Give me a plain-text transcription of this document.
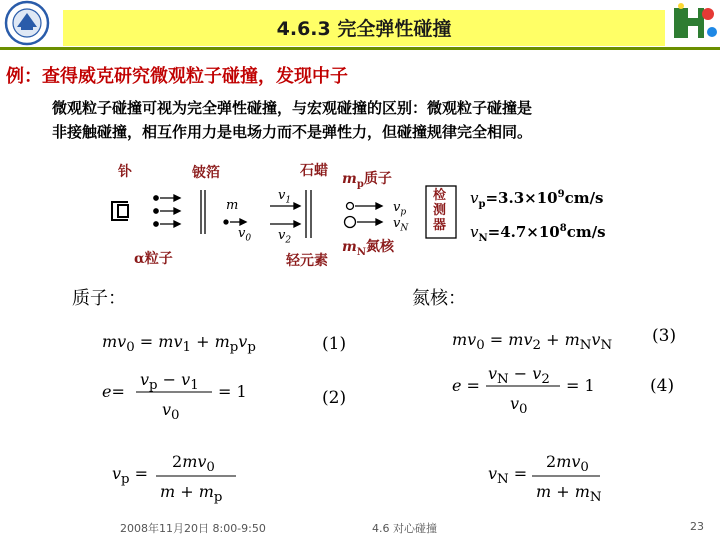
4.6.3 完全弹性碰撞
例：查得威克研究微观粒子碰撞，发现中子
微观粒子碰撞可视为完全弹性碰撞，与宏观碰撞的区别：微观粒子碰撞是
非接触碰撞，相互作用力是电场力而不是弹性力，但碰撞规律完全相同。
钋	铍箔	石蜡 $m_p$质子
$m_N$氮核
轻元素
α粒子
m
$v_0$
$v_1$
$v_2$
$v_p$
$v_N$
检测器
$v_p=3.3\times 10^9cm/s$
$v_N=4.7\times 10^8cm/s$
质子：	氮核：
$mv_0 = mv_1 + m_pv_p$	(1)	$mv_0 = mv_2 + m_Nv_N$ (3)
e=
$v_p - v_1$
$v_0$
= 1	(2)
e =
$v_N - v_2$
$v_0$
= 1	(4)
$v_p$ =
$2mv_0$
$m + m_p$
$v_N$ =
$2mv_0$
$m + m_N$
2008年11月20日 8:00-9:50	4.6 对心碰撞	23
